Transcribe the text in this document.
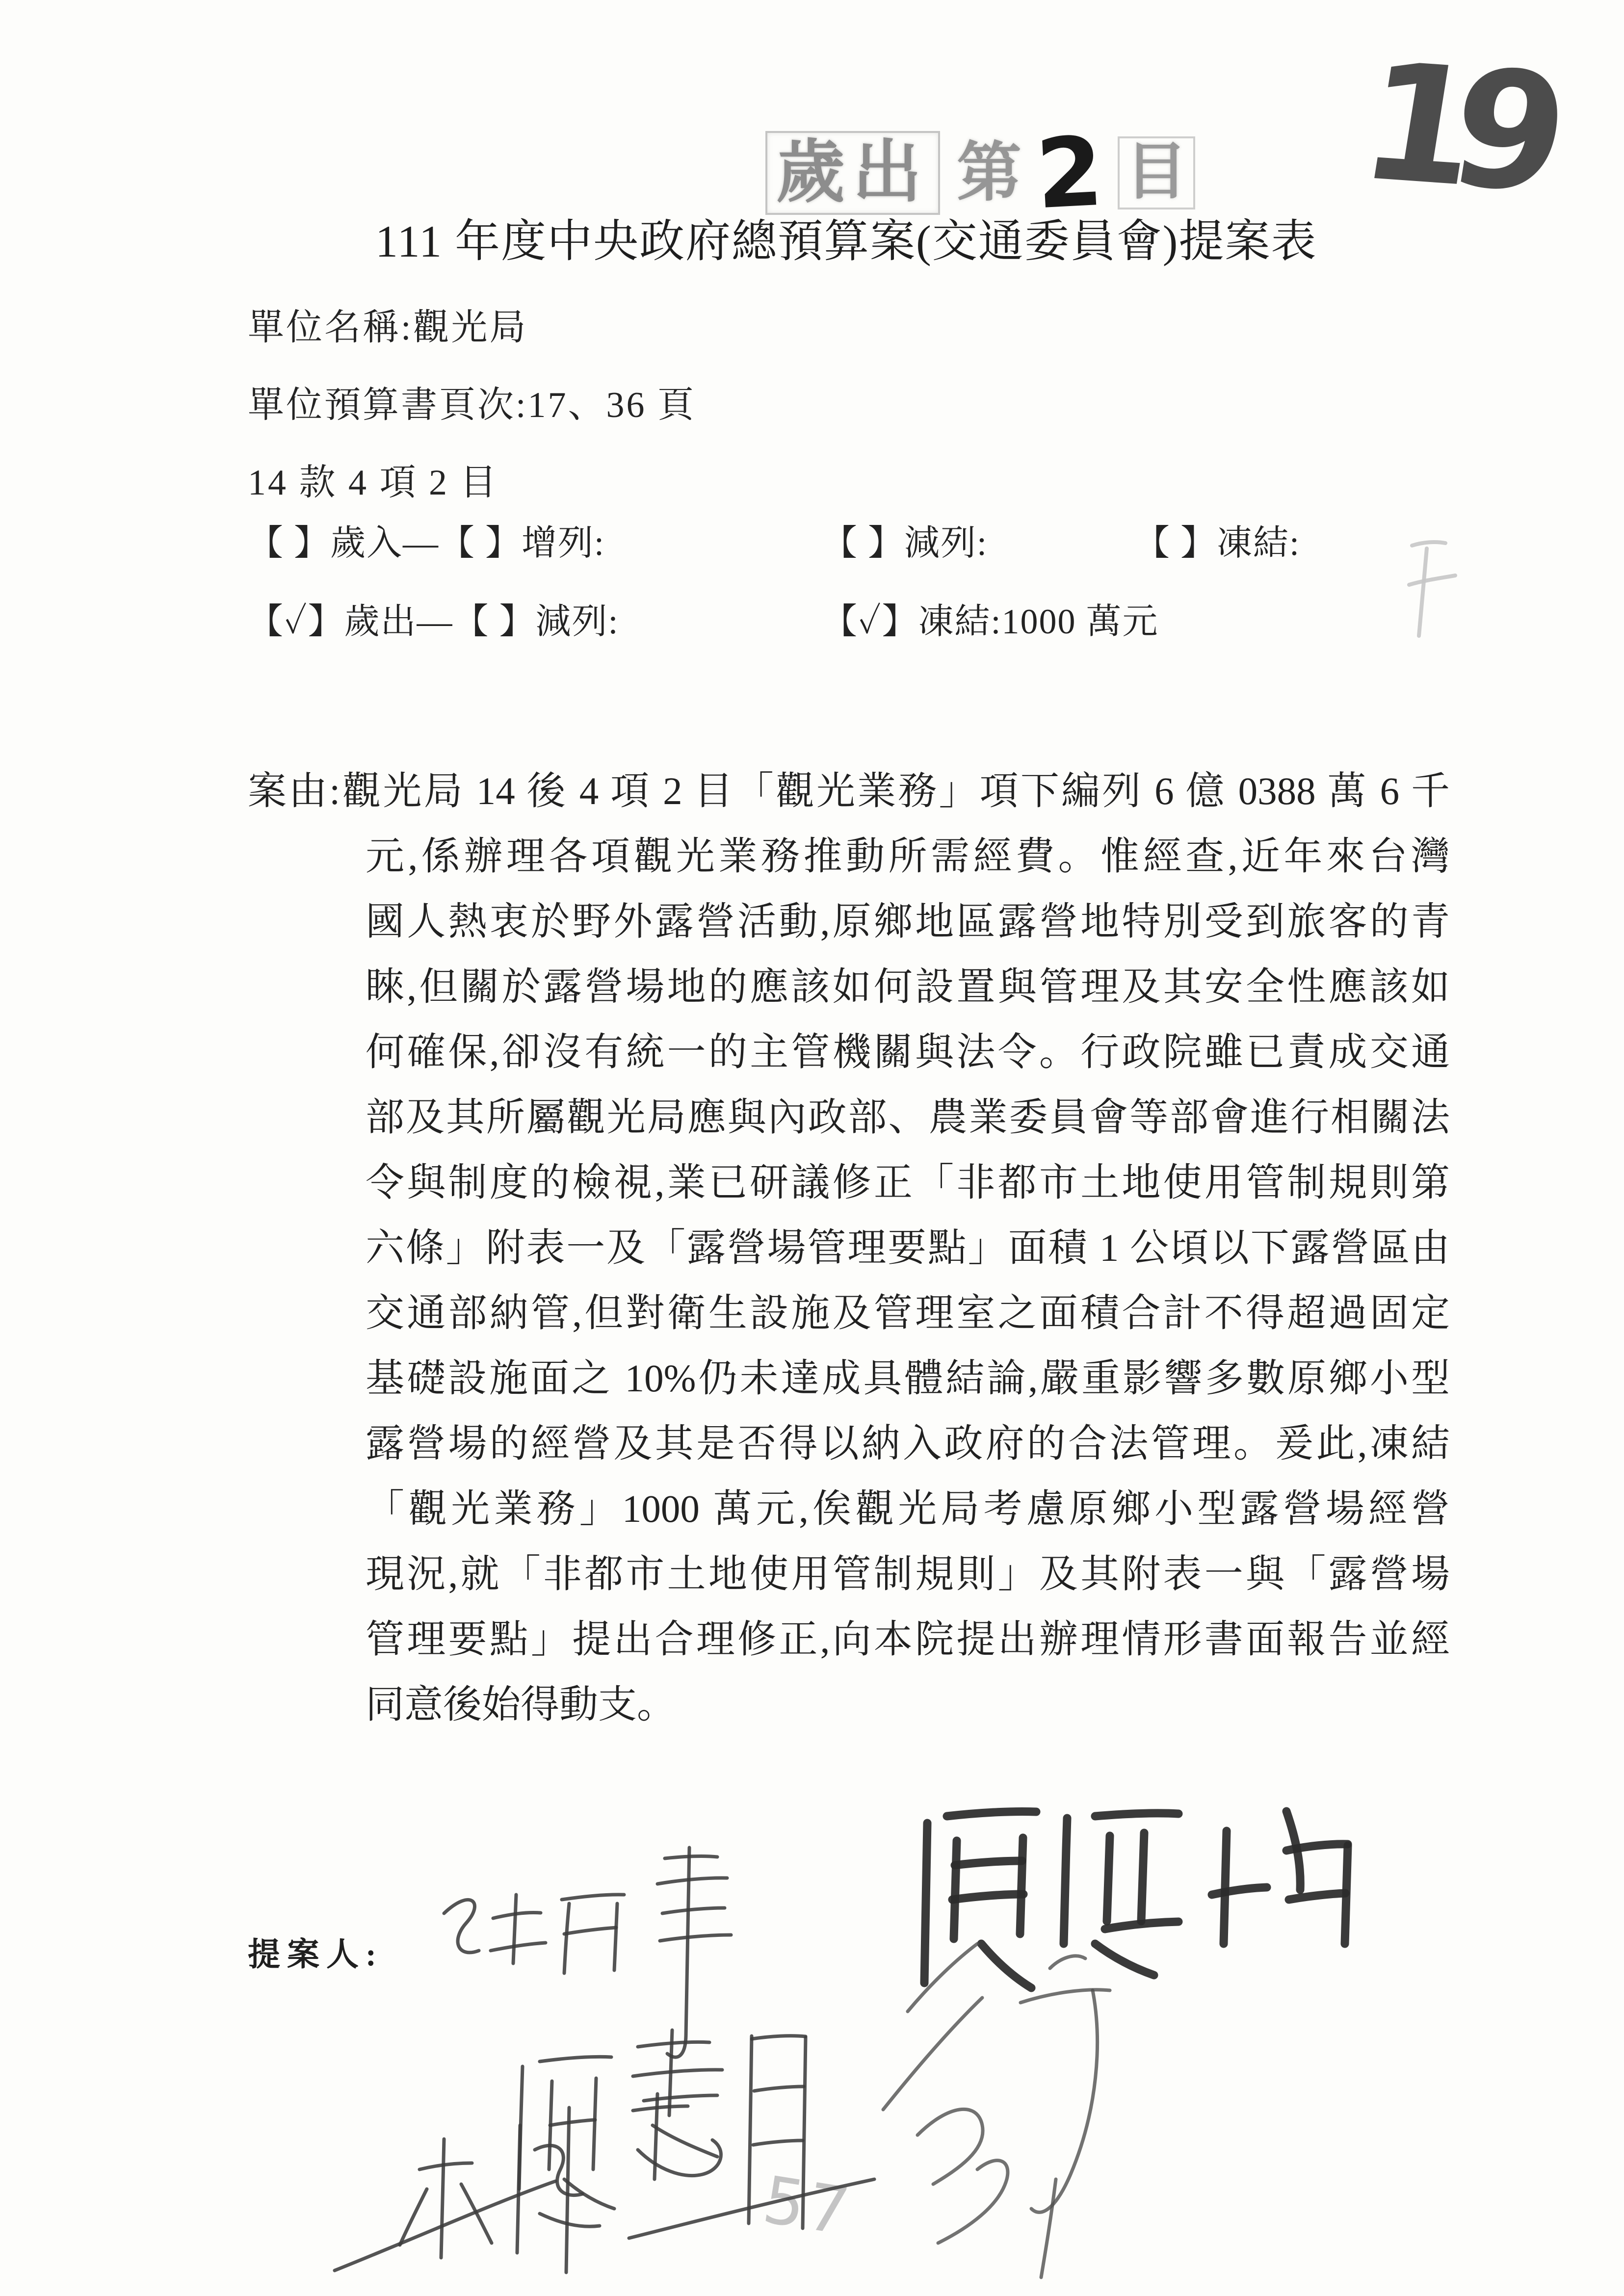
19
歲出 第 2 目
111 年度中央政府總預算案(交通委員會)提案表
單位名稱:觀光局
單位預算書頁次:17、36 頁
14 款 4 項 2 目
【 】歲入—【 】增列:	【 】減列:	【 】凍結:
【✓】歲出—【 】減列:	【✓】凍結:1000 萬元
案由:觀光局 14 後 4 項 2 目「觀光業務」項下編列 6 億 0388 萬 6 千
元,係辦理各項觀光業務推動所需經費。惟經查,近年來台灣
國人熱衷於野外露營活動,原鄉地區露營地特別受到旅客的青
睞,但關於露營場地的應該如何設置與管理及其安全性應該如
何確保,卻沒有統一的主管機關與法令。行政院雖已責成交通
部及其所屬觀光局應與內政部、農業委員會等部會進行相關法
令與制度的檢視,業已研議修正「非都市土地使用管制規則第
六條」附表一及「露營場管理要點」面積 1 公頃以下露營區由
交通部納管,但對衛生設施及管理室之面積合計不得超過固定
基礎設施面之 10%仍未達成具體結論,嚴重影響多數原鄉小型
露營場的經營及其是否得以納入政府的合法管理。爰此,凍結
「觀光業務」1000 萬元,俟觀光局考慮原鄉小型露營場經營
現況,就「非都市土地使用管制規則」及其附表一與「露營場
管理要點」提出合理修正,向本院提出辦理情形書面報告並經
同意後始得動支。
提案人:
57
